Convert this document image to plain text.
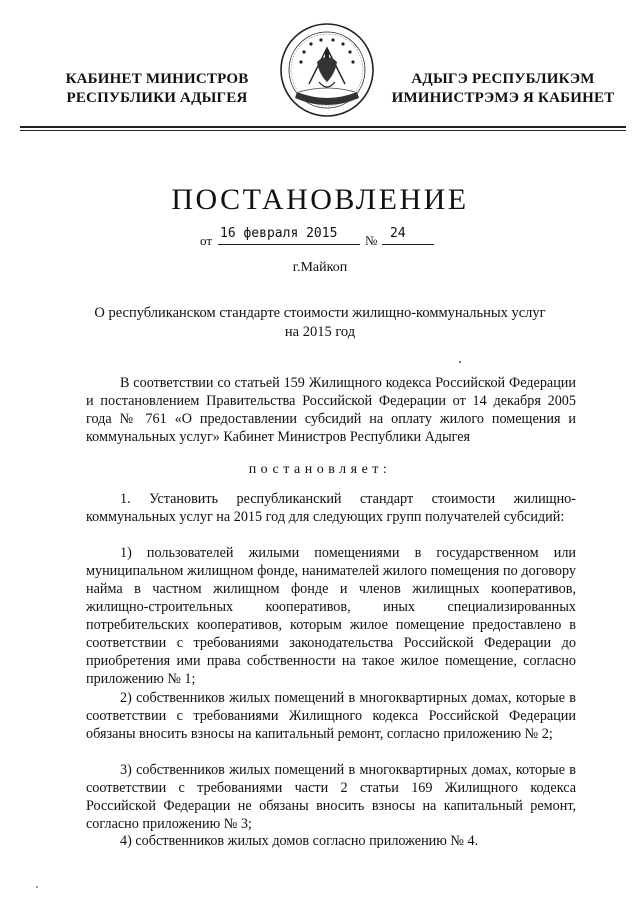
КАБИНЕТ МИНИСТРОВ
РЕСПУБЛИКИ АДЫГЕЯ
АДЫГЭ РЕСПУБЛИКЭМ
ИМИНИСТРЭМЭ Я КАБИНЕТ
ПОСТАНОВЛЕНИЕ
от 16 февраля 2015 № 24
г.Майкоп
О республиканском стандарте стоимости жилищно-коммунальных услуг
на 2015 год
В соответствии со статьей 159 Жилищного кодекса Российской Федерации и постановлением Правительства Российской Федерации от 14 декабря 2005 года № 761 «О предоставлении субсидий на оплату жилого помещения и коммунальных услуг» Кабинет Министров Республики Адыгея
постановляет:
1. Установить республиканский стандарт стоимости жилищно-коммунальных услуг на 2015 год для следующих групп получателей субсидий:
1) пользователей жилыми помещениями в государственном или муниципальном жилищном фонде, нанимателей жилого помещения по договору найма в частном жилищном фонде и членов жилищных кооперативов, жилищно-строительных кооперативов, иных специализированных потребительских кооперативов, которым жилое помещение предоставлено в соответствии с требованиями законодательства Российской Федерации до приобретения ими права собственности на такое жилое помещение, согласно приложению № 1;
2) собственников жилых помещений в многоквартирных домах, которые в соответствии с требованиями Жилищного кодекса Российской Федерации обязаны вносить взносы на капитальный ремонт, согласно приложению № 2;
3) собственников жилых помещений в многоквартирных домах, которые в соответствии с требованиями части 2 статьи 169 Жилищного кодекса Российской Федерации не обязаны вносить взносы на капитальный ремонт, согласно приложению № 3;
4) собственников жилых домов согласно приложению № 4.
